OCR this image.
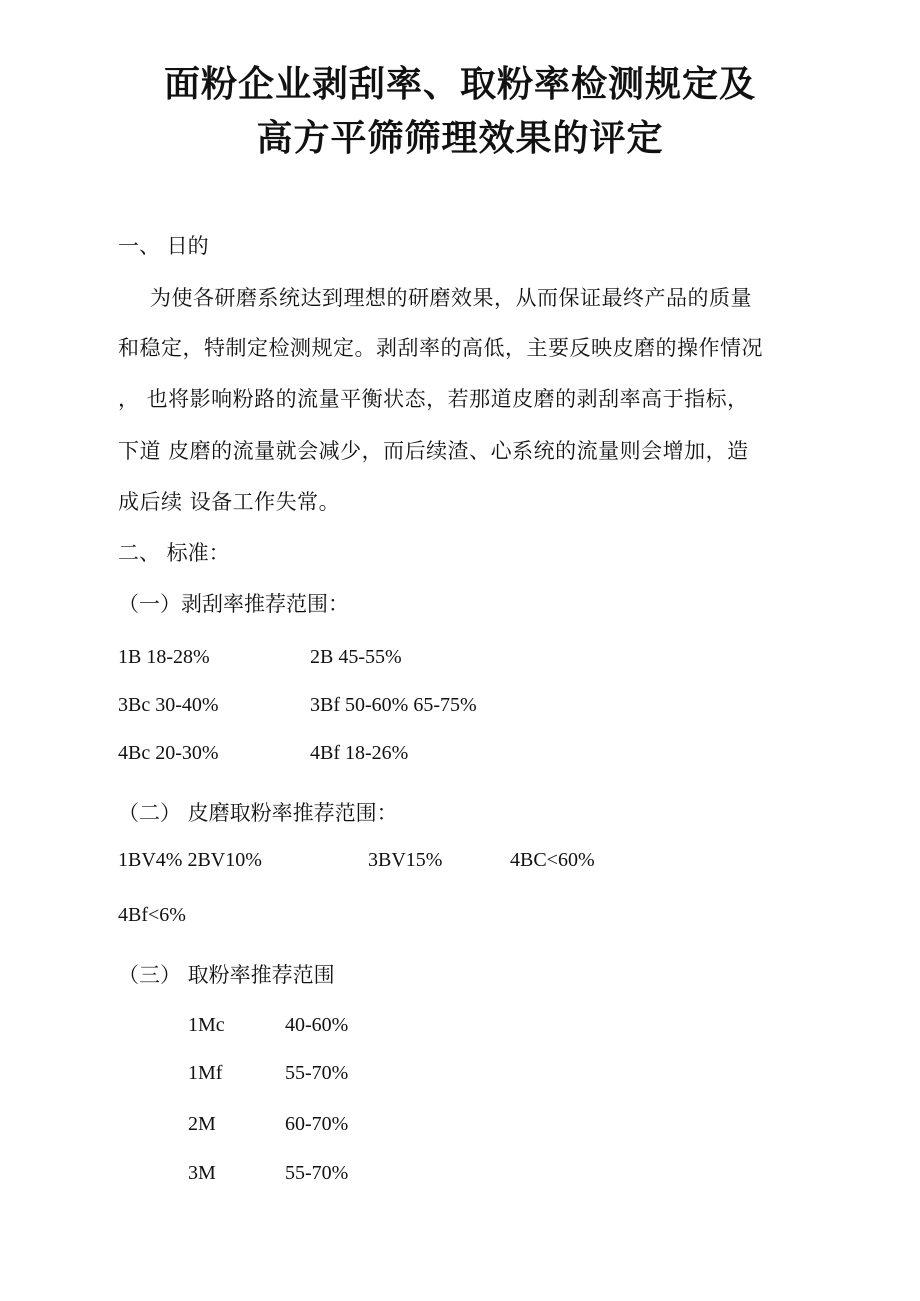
面粉企业剥刮率、取粉率检测规定及
高方平筛筛理效果的评定
一、 日的
为使各研磨系统达到理想的研磨效果，从而保证最终产品的质量
和稳定，特制定检测规定。剥刮率的高低，主要反映皮磨的操作情况
， 也将影响粉路的流量平衡状态，若那道皮磨的剥刮率高于指标，
下道 皮磨的流量就会减少，而后续渣、心系统的流量则会增加，造
成后续 设备工作失常。
二、 标准：
（一）剥刮率推荐范围：
1B 18-28%	2B 45-55%
3Bc 30-40%	3Bf 50-60% 65-75%
4Bc 20-30%	4Bf 18-26%
（二） 皮磨取粉率推荐范围：
1BV4% 2BV10%	3BV15%	4BC<60%
4Bf<6%
（三） 取粉率推荐范围
1Mc	40-60%
1Mf	55-70%
2M	60-70%
3M	55-70%
